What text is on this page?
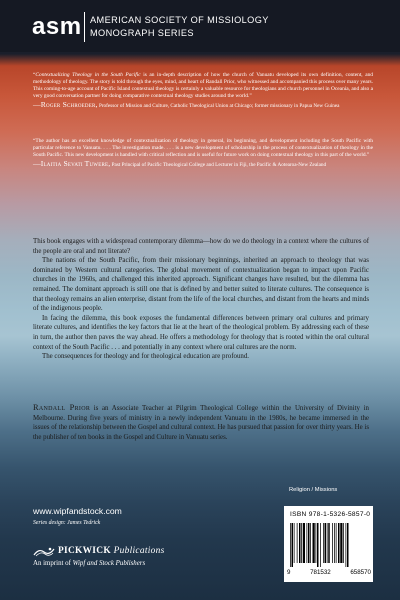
asm AMERICAN SOCIETY OF MISSIOLOGY
MONOGRAPH SERIES
“Contextualizing Theology in the South Pacific is an in-depth description of how the church of Vanuatu developed its own definition, content, and methodology of theology. The story is told through the eyes, mind, and heart of Randall Prior, who witnessed and accompanied this process over many years. This coming-to-age account of Pacific Island contextual theology is certainly a valuable resource for theologians and church personnel in Oceania, and also a very good conversation partner for doing comparative contextual theology studies around the world.”
—Roger Schroeder, Professor of Mission and Culture, Catholic Theological Union at Chicago; former missionary in Papua New Guinea
“The author has an excellent knowledge of contextualization of theology in general, its beginning, and development including the South Pacific with particular reference to Vanuatu. . . . The investigation made. . . . is a new development of scholarship in the process of contextualization of theology in the South Pacific. This new development is handled with critical reflection and is useful for future work on doing contextual theology in this part of the world.”
—Ilaitia Sevati Tuwere, Past Principal of Pacific Theological College and Lecturer in Fiji, the Pacific & Aotearoa-New Zealand

This book engages with a widespread contemporary dilemma—how do we do theology in a context where the cultures of the people are oral and not literate?

The nations of the South Pacific, from their missionary beginnings, inherited an approach to theology that was dominated by Western cultural categories. The global movement of contextualization began to impact upon Pacific churches in the 1960s, and challenged this inherited approach. Significant changes have resulted, but the dilemma has remained. The dominant approach is still one that is defined by and better suited to literate cultures. The consequence is that theology remains an alien enterprise, distant from the life of the local churches, and distant from the hearts and minds of the indigenous people.

In facing the dilemma, this book exposes the fundamental differences between primary oral cultures and primary literate cultures, and identifies the key factors that lie at the heart of the theological problem. By addressing each of these in turn, the author then paves the way ahead. He offers a methodology for theology that is rooted within the oral cultural context of the South Pacific . . . and potentially in any context where oral cultures are the norm.

The consequences for theology and for theological education are profound.

Randall Prior is an Associate Teacher at Pilgrim Theological College within the University of Divinity in Melbourne. During five years of ministry in a newly independent Vanuatu in the 1980s, he became immersed in the issues of the relationship between the Gospel and cultural context. He has pursued that passion for over thirty years. He is the publisher of ten books in the Gospel and Culture in Vanuatu series.
Religion / Missions
www.wipfandstock.com
Series design: James Tedrick
PICKWICK Publications
An imprint of Wipf and Stock Publishers
ISBN 978-1-5326-5857-0
9	781532	658570
